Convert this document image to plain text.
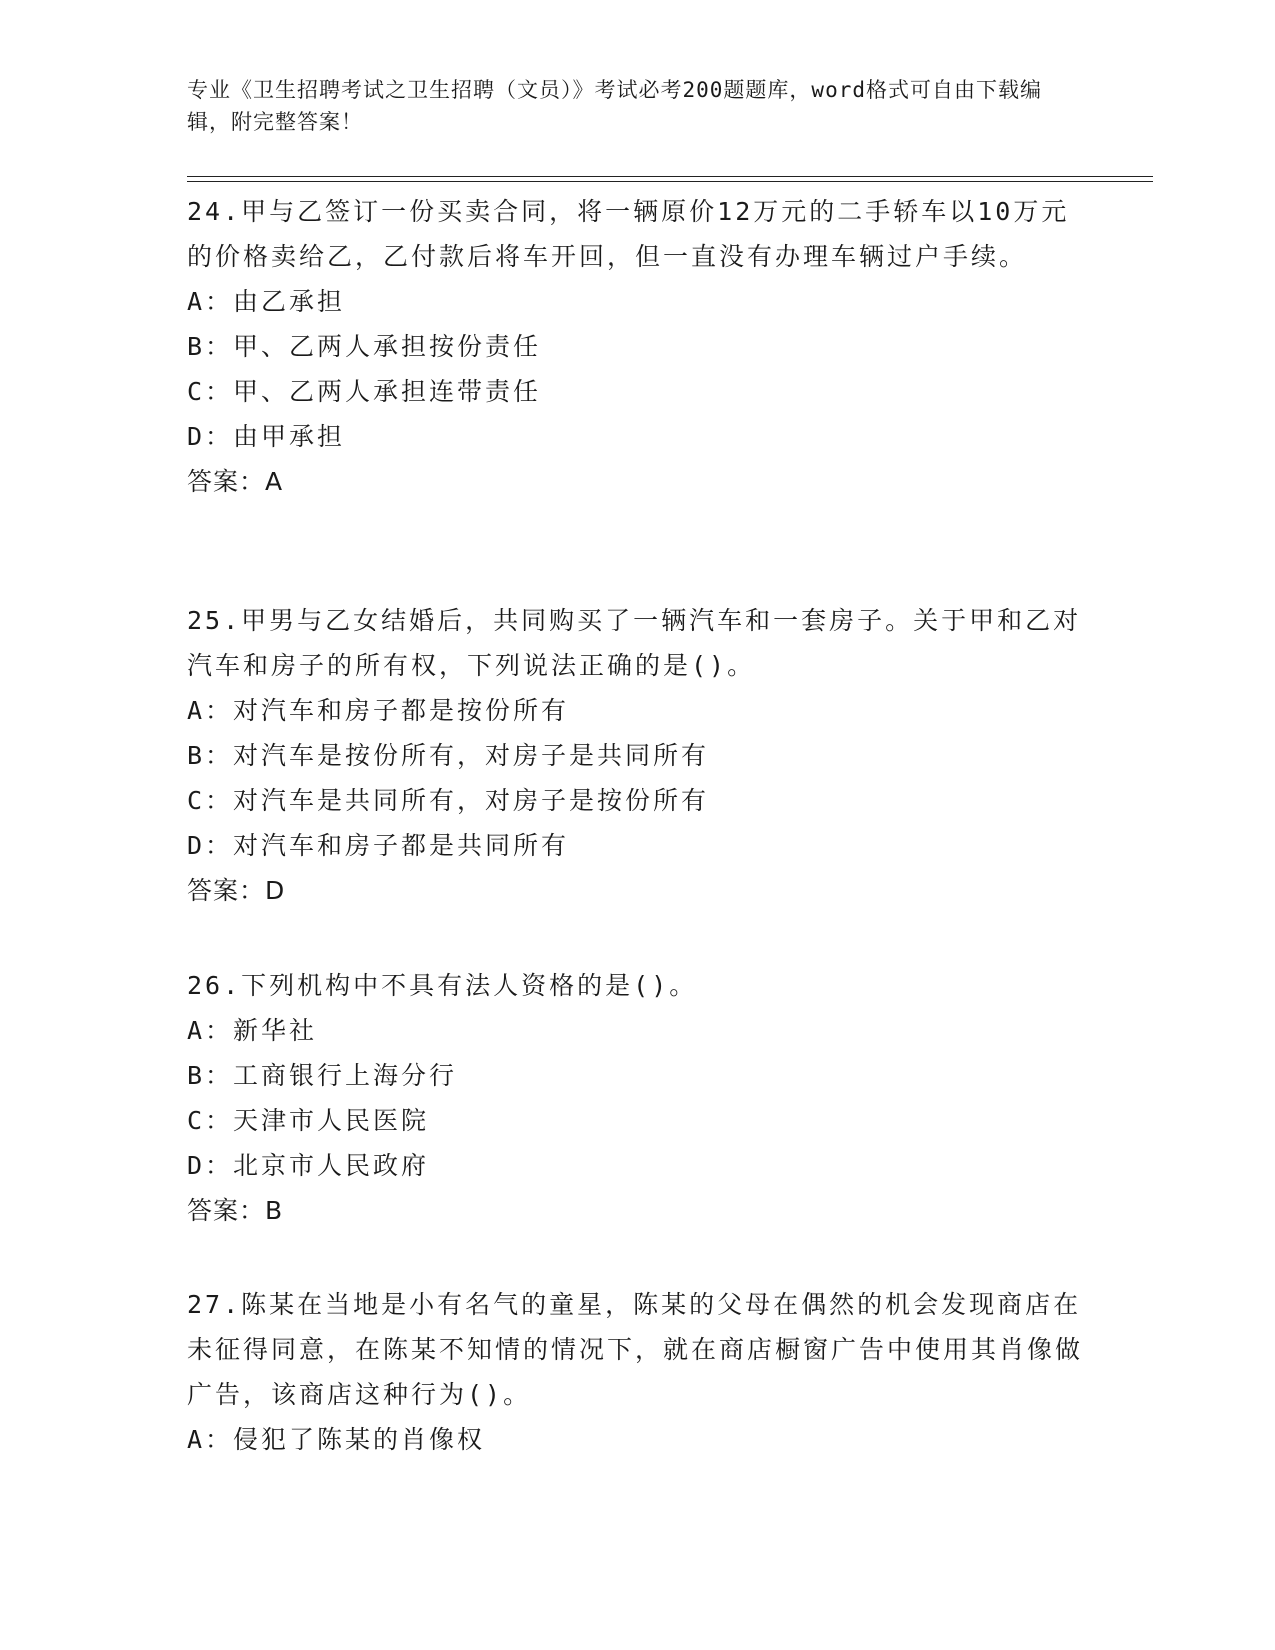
专业《卫生招聘考试之卫生招聘（文员）》考试必考200题题库，word格式可自由下载编辑，附完整答案！
24.甲与乙签订一份买卖合同，将一辆原价12万元的二手轿车以10万元的价格卖给乙，乙付款后将车开回，但一直没有办理车辆过户手续。
A：由乙承担
B：甲、乙两人承担按份责任
C：甲、乙两人承担连带责任
D：由甲承担
答案：A
25.甲男与乙女结婚后，共同购买了一辆汽车和一套房子。关于甲和乙对汽车和房子的所有权，下列说法正确的是()。
A：对汽车和房子都是按份所有
B：对汽车是按份所有，对房子是共同所有
C：对汽车是共同所有，对房子是按份所有
D：对汽车和房子都是共同所有
答案：D
26.下列机构中不具有法人资格的是()。
A：新华社
B：工商银行上海分行
C：天津市人民医院
D：北京市人民政府
答案：B
27.陈某在当地是小有名气的童星，陈某的父母在偶然的机会发现商店在未征得同意，在陈某不知情的情况下，就在商店橱窗广告中使用其肖像做广告，该商店这种行为()。
A：侵犯了陈某的肖像权
